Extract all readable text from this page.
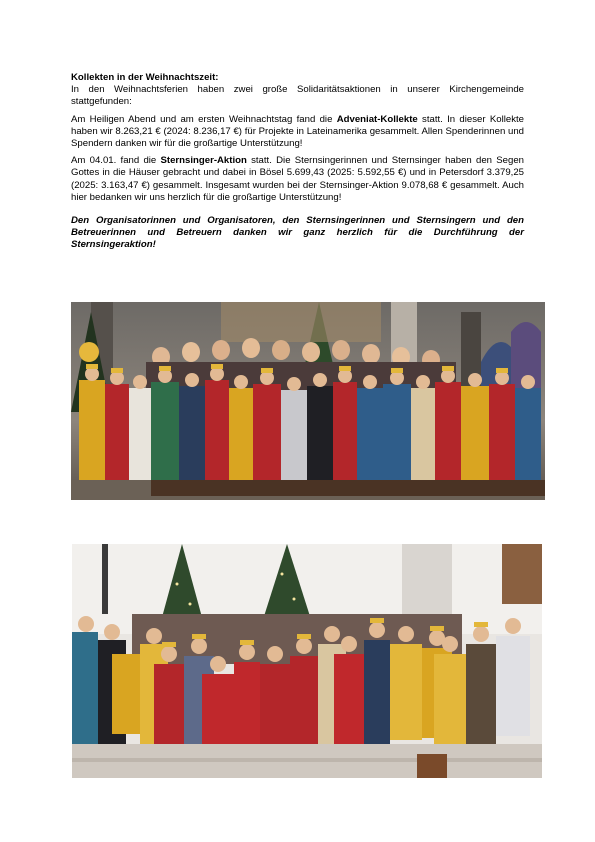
Kollekten in der Weihnachtszeit:
In den Weihnachtsferien haben zwei große Solidaritätsaktionen in unserer Kirchengemeinde stattgefunden:

Am Heiligen Abend und am ersten Weihnachtstag fand die Adveniat-Kollekte statt. In dieser Kollekte haben wir 8.263,21 € (2024: 8.236,17 €) für Projekte in Lateinamerika gesammelt. Allen Spenderinnen und Spendern danken wir für die großartige Unterstützung!

Am 04.01. fand die Sternsinger-Aktion statt. Die Sternsingerinnen und Sternsinger haben den Segen Gottes in die Häuser gebracht und dabei in Bösel 5.699,43 (2025: 5.592,55 €) und in Petersdorf 3.379,25 (2025: 3.163,47 €) gesammelt. Insgesamt wurden bei der Sternsinger-Aktion 9.078,68 € gesammelt. Auch hier bedanken wir uns herzlich für die großartige Unterstützung!

Den Organisatorinnen und Organisatoren, den Sternsingerinnen und Sternsingern und den Betreuerinnen und Betreuern danken wir ganz herzlich für die Durchführung der Sternsingeraktion!
